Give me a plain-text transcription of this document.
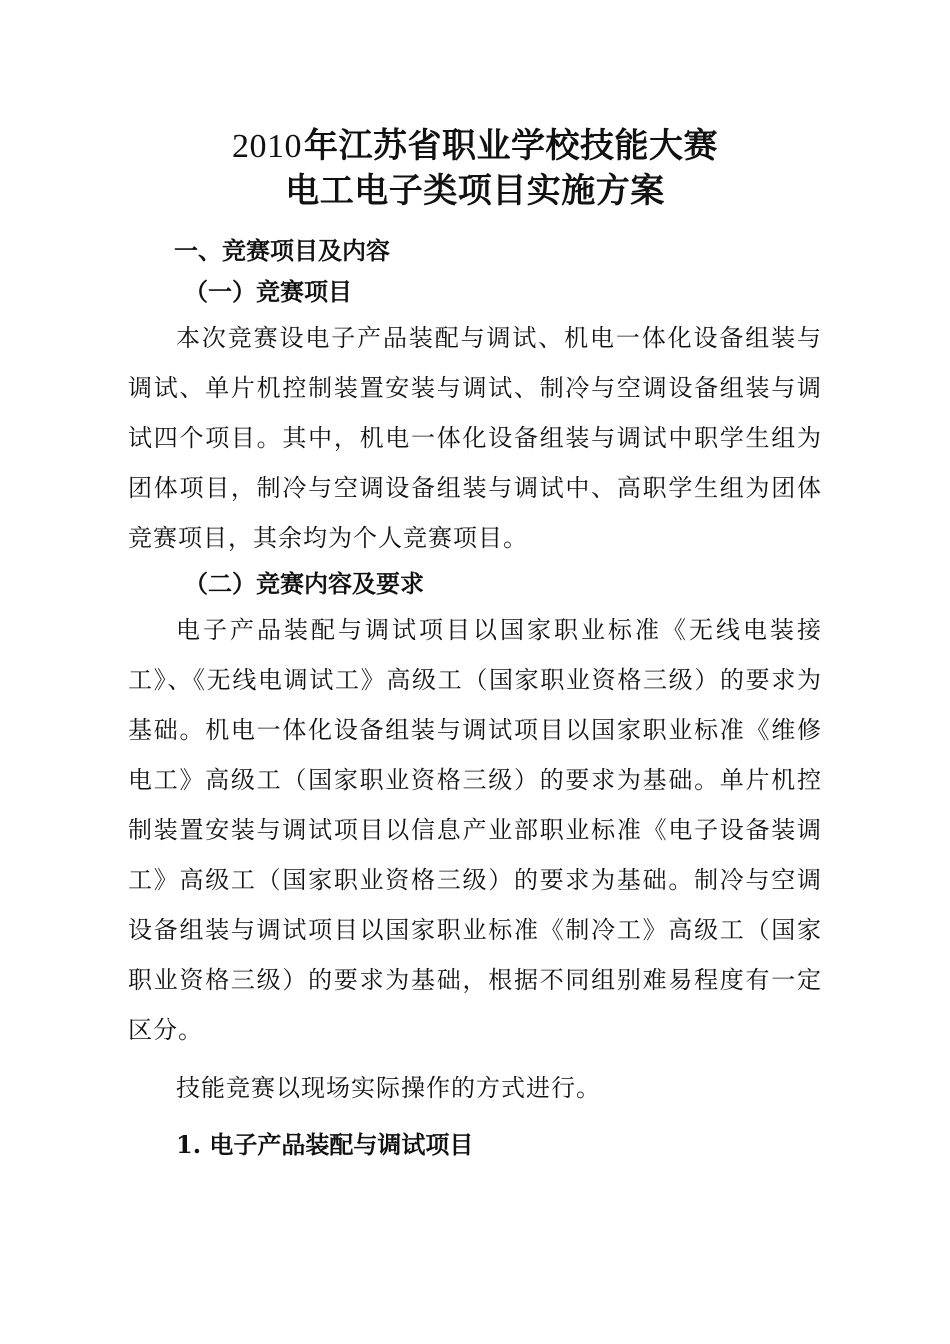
2010年江苏省职业学校技能大赛
电工电子类项目实施方案
一、竞赛项目及内容
（一）竞赛项目

本次竞赛设电子产品装配与调试、机电一体化设备组装与调试、单片机控制装置安装与调试、制冷与空调设备组装与调试四个项目。其中，机电一体化设备组装与调试中职学生组为团体项目，制冷与空调设备组装与调试中、高职学生组为团体竞赛项目，其余均为个人竞赛项目。

（二）竞赛内容及要求

电子产品装配与调试项目以国家职业标准《无线电装接工》、《无线电调试工》高级工（国家职业资格三级）的要求为基础。机电一体化设备组装与调试项目以国家职业标准《维修电工》高级工（国家职业资格三级）的要求为基础。单片机控制装置安装与调试项目以信息产业部职业标准《电子设备装调工》高级工（国家职业资格三级）的要求为基础。制冷与空调设备组装与调试项目以国家职业标准《制冷工》高级工（国家职业资格三级）的要求为基础，根据不同组别难易程度有一定区分。

技能竞赛以现场实际操作的方式进行。

1. 电子产品装配与调试项目
